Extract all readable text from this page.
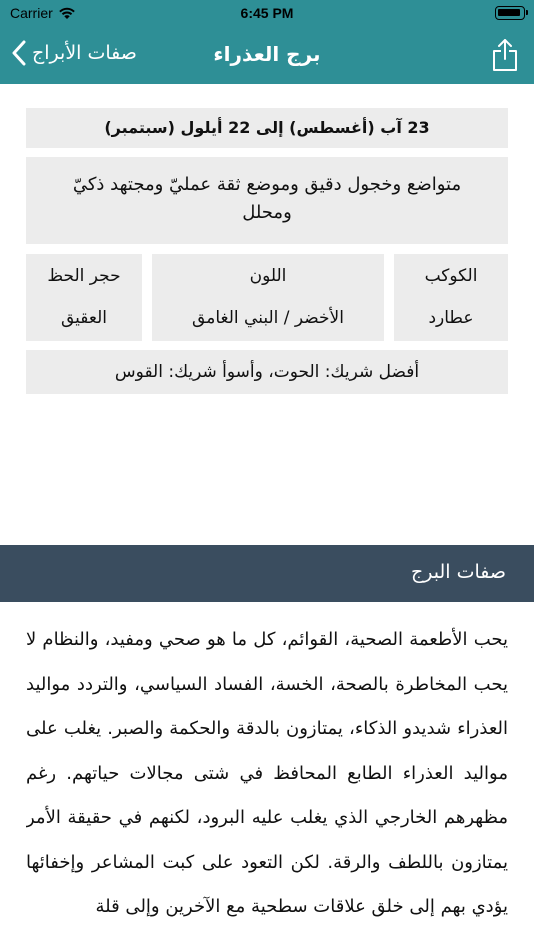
Carrier	6:45 PM
صفات الأبراج	برج العذراء
23 آب (أغسطس) إلى 22 أيلول (سبتمبر)
متواضع وخجول دقيق وموضع ثقة عمليّ ومجتهد ذكيّ ومحلل
الكوكب
عطارد
اللون
الأخضر / البني الغامق
حجر الحظ
العقيق
أفضل شريك: الحوت، وأسوأ شريك: القوس
صفات البرج
يحب الأطعمة الصحية، القوائم، كل ما هو صحي ومفيد، والنظام لا يحب المخاطرة بالصحة، الخسة، الفساد السياسي، والتردد مواليد العذراء شديدو الذكاء، يمتازون بالدقة والحكمة والصبر. يغلب على مواليد العذراء الطابع المحافظ في شتى مجالات حياتهم. رغم مظهرهم الخارجي الذي يغلب عليه البرود، لكنهم في حقيقة الأمر يمتازون باللطف والرقة. لكن التعود على كبت المشاعر وإخفائها يؤدي بهم إلى خلق علاقات سطحية مع الآخرين وإلى قلة
